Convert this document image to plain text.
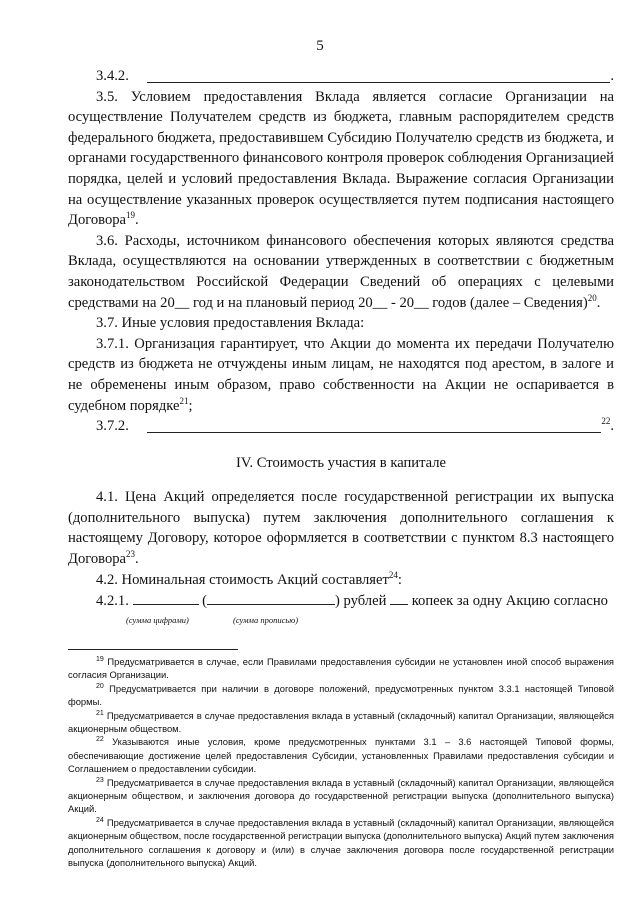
5

3.4.2.	.

3.5. Условием предоставления Вклада является согласие Организации на осуществление Получателем средств из бюджета, главным распорядителем средств федерального бюджета, предоставившем Субсидию Получателю средств из бюджета, и органами государственного финансового контроля проверок соблюдения Организацией порядка, целей и условий предоставления Вклада. Выражение согласия Организации на осуществление указанных проверок осуществляется путем подписания настоящего Договора$^{19}$.

3.6. Расходы, источником финансового обеспечения которых являются средства Вклада, осуществляются на основании утвержденных в соответствии с бюджетным законодательством Российской Федерации Сведений об операциях с целевыми средствами на 20__ год и на плановый период 20__ - 20__ годов (далее – Сведения)$^{20}$.

3.7. Иные условия предоставления Вклада:

3.7.1. Организация гарантирует, что Акции до момента их передачи Получателю средств из бюджета не отчуждены иным лицам, не находятся под арестом, в залоге и не обременены иным образом, право собственности на Акции не оспаривается в судебном порядке$^{21}$;

3.7.2.	$^{22}$.

IV. Стоимость участия в капитале

4.1. Цена Акций определяется после государственной регистрации их выпуска (дополнительного выпуска) путем заключения дополнительного соглашения к настоящему Договору, которое оформляется в соответствии с пунктом 8.3 настоящего Договора$^{23}$.

4.2. Номинальная стоимость Акций составляет$^{24}$:

4.2.1.	(	) рублей копеек за одну Акцию согласно

(сумма цифрами)	(сумма прописью)

$^{19}$ Предусматривается в случае, если Правилами предоставления субсидии не установлен иной способ выражения согласия Организации.

$^{20}$ Предусматривается при наличии в договоре положений, предусмотренных пунктом 3.3.1 настоящей Типовой формы.

$^{21}$ Предусматривается в случае предоставления вклада в уставный (складочный) капитал Организации, являющейся акционерным обществом.

$^{22}$ Указываются иные условия, кроме предусмотренных пунктами 3.1 – 3.6 настоящей Типовой формы, обеспечивающие достижение целей предоставления Субсидии, установленных Правилами предоставления субсидии и Соглашением о предоставлении субсидии.

$^{23}$ Предусматривается в случае предоставления вклада в уставный (складочный) капитал Организации, являющейся акционерным обществом, и заключения договора до государственной регистрации выпуска (дополнительного выпуска) Акций.

$^{24}$ Предусматривается в случае предоставления вклада в уставный (складочный) капитал Организации, являющейся акционерным обществом, после государственной регистрации выпуска (дополнительного выпуска) Акций путем заключения дополнительного соглашения к договору и (или) в случае заключения договора после государственной регистрации выпуска (дополнительного выпуска) Акций.
